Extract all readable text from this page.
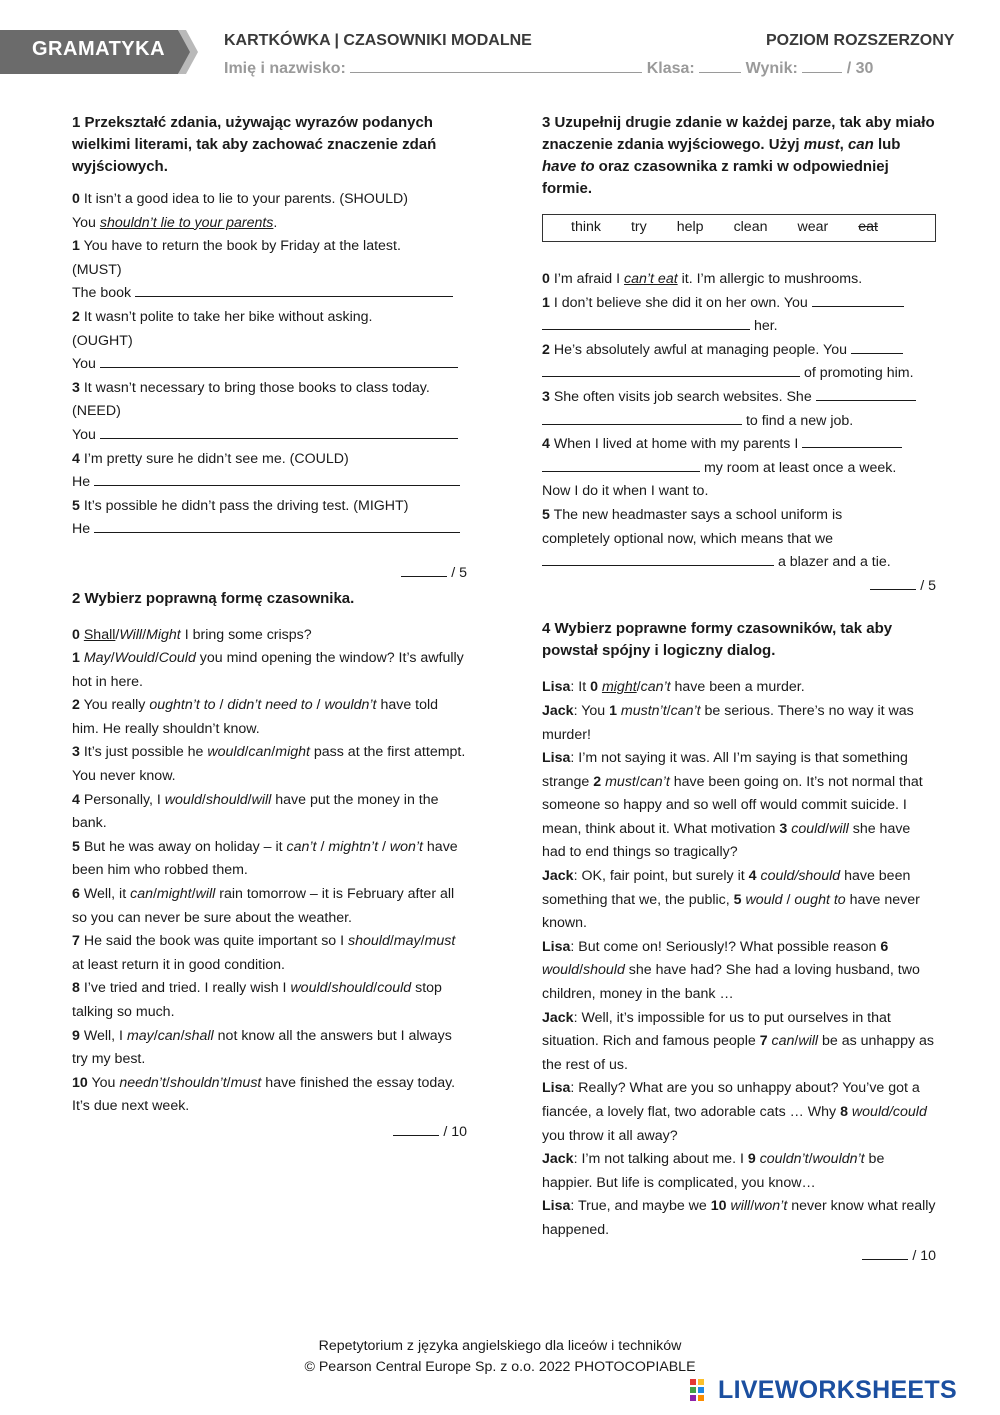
GRAMATYKA	KARTKÓWKA | CZASOWNIKI MODALNE	POZIOM ROZSZERZONY
Imię i nazwisko:	Klasa:	Wynik:	/ 30
1 Przekształć zdania, używając wyrazów podanych wielkimi literami, tak aby zachować znaczenie zdań wyjściowych.
0 It isn’t a good idea to lie to your parents. (SHOULD)
You shouldn’t lie to your parents.
1 You have to return the book by Friday at the latest.
(MUST)
The book
2 It wasn’t polite to take her bike without asking.
(OUGHT)
You
3 It wasn’t necessary to bring those books to class today.
(NEED)
You
4 I’m pretty sure he didn’t see me. (COULD)
He
5 It’s possible he didn’t pass the driving test. (MIGHT)
He
/ 5
2 Wybierz poprawną formę czasownika.
0 Shall/Will/Might I bring some crisps?
1 May/Would/Could you mind opening the window? It’s awfully hot in here.
2 You really oughtn’t to / didn’t need to / wouldn’t have told him. He really shouldn’t know.
3 It’s just possible he would/can/might pass at the first attempt. You never know.
4 Personally, I would/should/will have put the money in the bank.
5 But he was away on holiday – it can’t / mightn’t / won’t have been him who robbed them.
6 Well, it can/might/will rain tomorrow – it is February after all so you can never be sure about the weather.
7 He said the book was quite important so I should/may/must at least return it in good condition.
8 I’ve tried and tried. I really wish I would/should/could stop talking so much.
9 Well, I may/can/shall not know all the answers but I always try my best.
10 You needn’t/shouldn’t/must have finished the essay today. It’s due next week.
/ 10
3 Uzupełnij drugie zdanie w każdej parze, tak aby miało znaczenie zdania wyjściowego. Użyj must, can lub have to oraz czasownika z ramki w odpowiedniej formie.
think try help clean wear eat
0 I’m afraid I can’t eat it. I’m allergic to mushrooms.
1 I don’t believe she did it on her own. You
her.
2 He’s absolutely awful at managing people. You
of promoting him.
3 She often visits job search websites. She
to find a new job.
4 When I lived at home with my parents I
my room at least once a week.
Now I do it when I want to.
5 The new headmaster says a school uniform is
completely optional now, which means that we
a blazer and a tie.
/ 5
4 Wybierz poprawne formy czasowników, tak aby powstał spójny i logiczny dialog.
Lisa: It 0 might/can’t have been a murder.
Jack: You 1 mustn’t/can’t be serious. There’s no way it was murder!
Lisa: I’m not saying it was. All I’m saying is that something strange 2 must/can’t have been going on. It’s not normal that someone so happy and so well off would commit suicide. I mean, think about it. What motivation 3 could/will she have had to end things so tragically?
Jack: OK, fair point, but surely it 4 could/should have been something that we, the public, 5 would / ought to have never known.
Lisa: But come on! Seriously!? What possible reason 6 would/should she have had? She had a loving husband, two children, money in the bank …
Jack: Well, it’s impossible for us to put ourselves in that situation. Rich and famous people 7 can/will be as unhappy as the rest of us.
Lisa: Really? What are you so unhappy about? You’ve got a fiancée, a lovely flat, two adorable cats … Why 8 would/could you throw it all away?
Jack: I’m not talking about me. I 9 couldn’t/wouldn’t be happier. But life is complicated, you know…
Lisa: True, and maybe we 10 will/won’t never know what really happened.
/ 10
Repetytorium z języka angielskiego dla liceów i techników
© Pearson Central Europe Sp. z o.o. 2022 PHOTOCOPIABLE
LIVEWORKSHEETS
